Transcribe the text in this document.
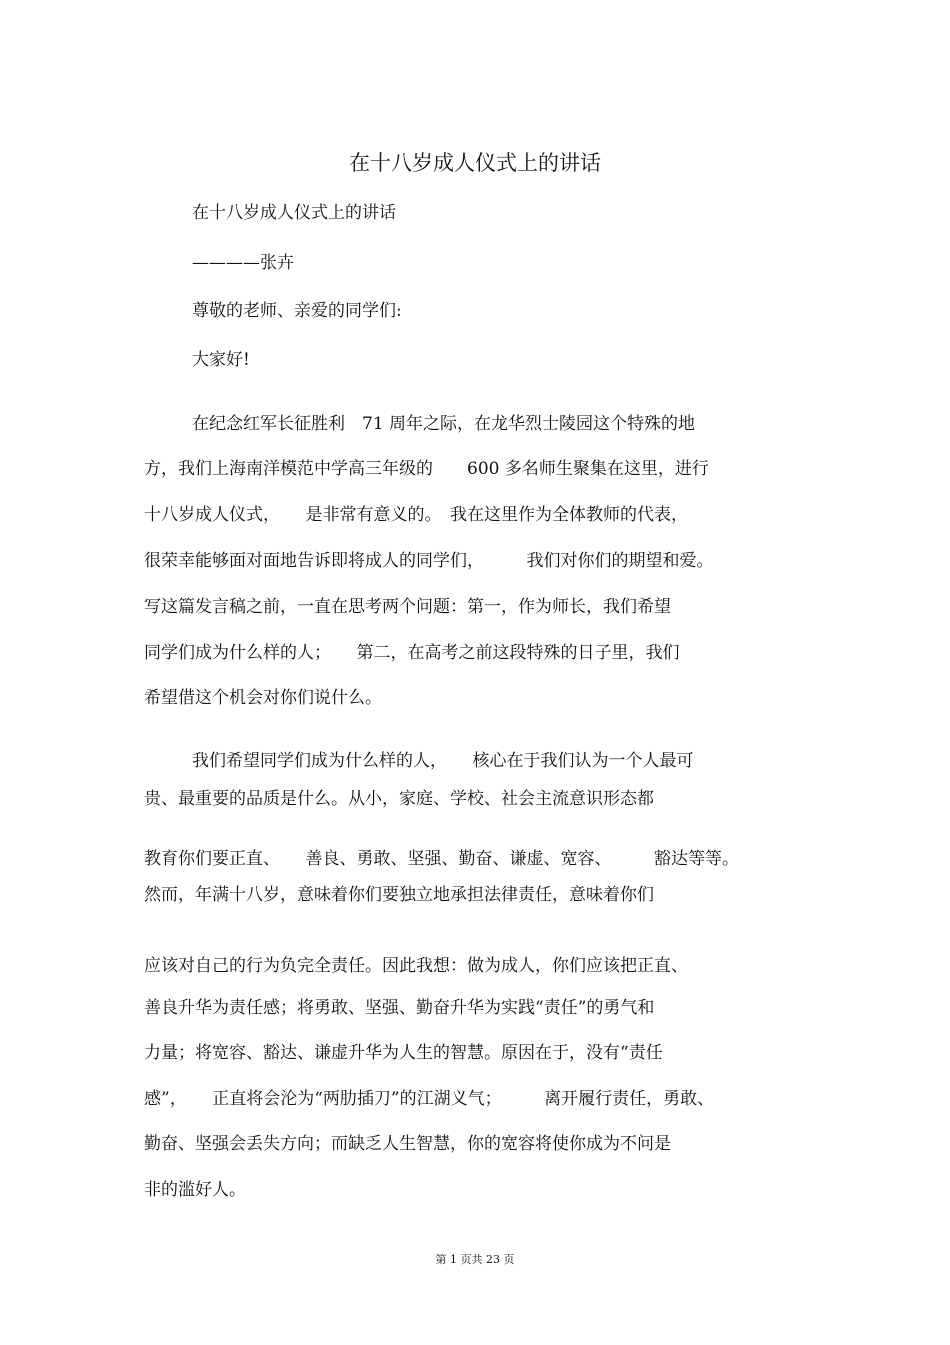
在十八岁成人仪式上的讲话
在十八岁成人仪式上的讲话
————张卉
尊敬的老师、亲爱的同学们:
大家好!
在纪念红军长征胜利　71 周年之际，在龙华烈士陵园这个特殊的地
方，我们上海南洋模范中学高三年级的　　600 多名师生聚集在这里，进行
十八岁成人仪式，　　是非常有意义的。　我在这里作为全体教师的代表，
很荣幸能够面对面地告诉即将成人的同学们，　　　我们对你们的期望和爱。
写这篇发言稿之前，一直在思考两个问题：第一，作为师长，我们希望
同学们成为什么样的人；　　第二，在高考之前这段特殊的日子里，我们
希望借这个机会对你们说什么。
我们希望同学们成为什么样的人，　　核心在于我们认为一个人最可
贵、最重要的品质是什么。从小，家庭、学校、社会主流意识形态都
教育你们要正直、　　善良、勇敢、坚强、勤奋、谦虚、宽容、　　　豁达等等。
然而，年满十八岁，意味着你们要独立地承担法律责任，意味着你们
应该对自己的行为负完全责任。因此我想：做为成人，你们应该把正直、
善良升华为责任感；将勇敢、坚强、勤奋升华为实践“责任”的勇气和
力量；将宽容、豁达、谦虚升华为人生的智慧。原因在于，没有“责任
感”，　　正直将会沦为“两肋插刀”的江湖义气；　　　离开履行责任，勇敢、
勤奋、坚强会丢失方向；而缺乏人生智慧，你的宽容将使你成为不问是
非的滥好人。
第 1 页共 23 页
